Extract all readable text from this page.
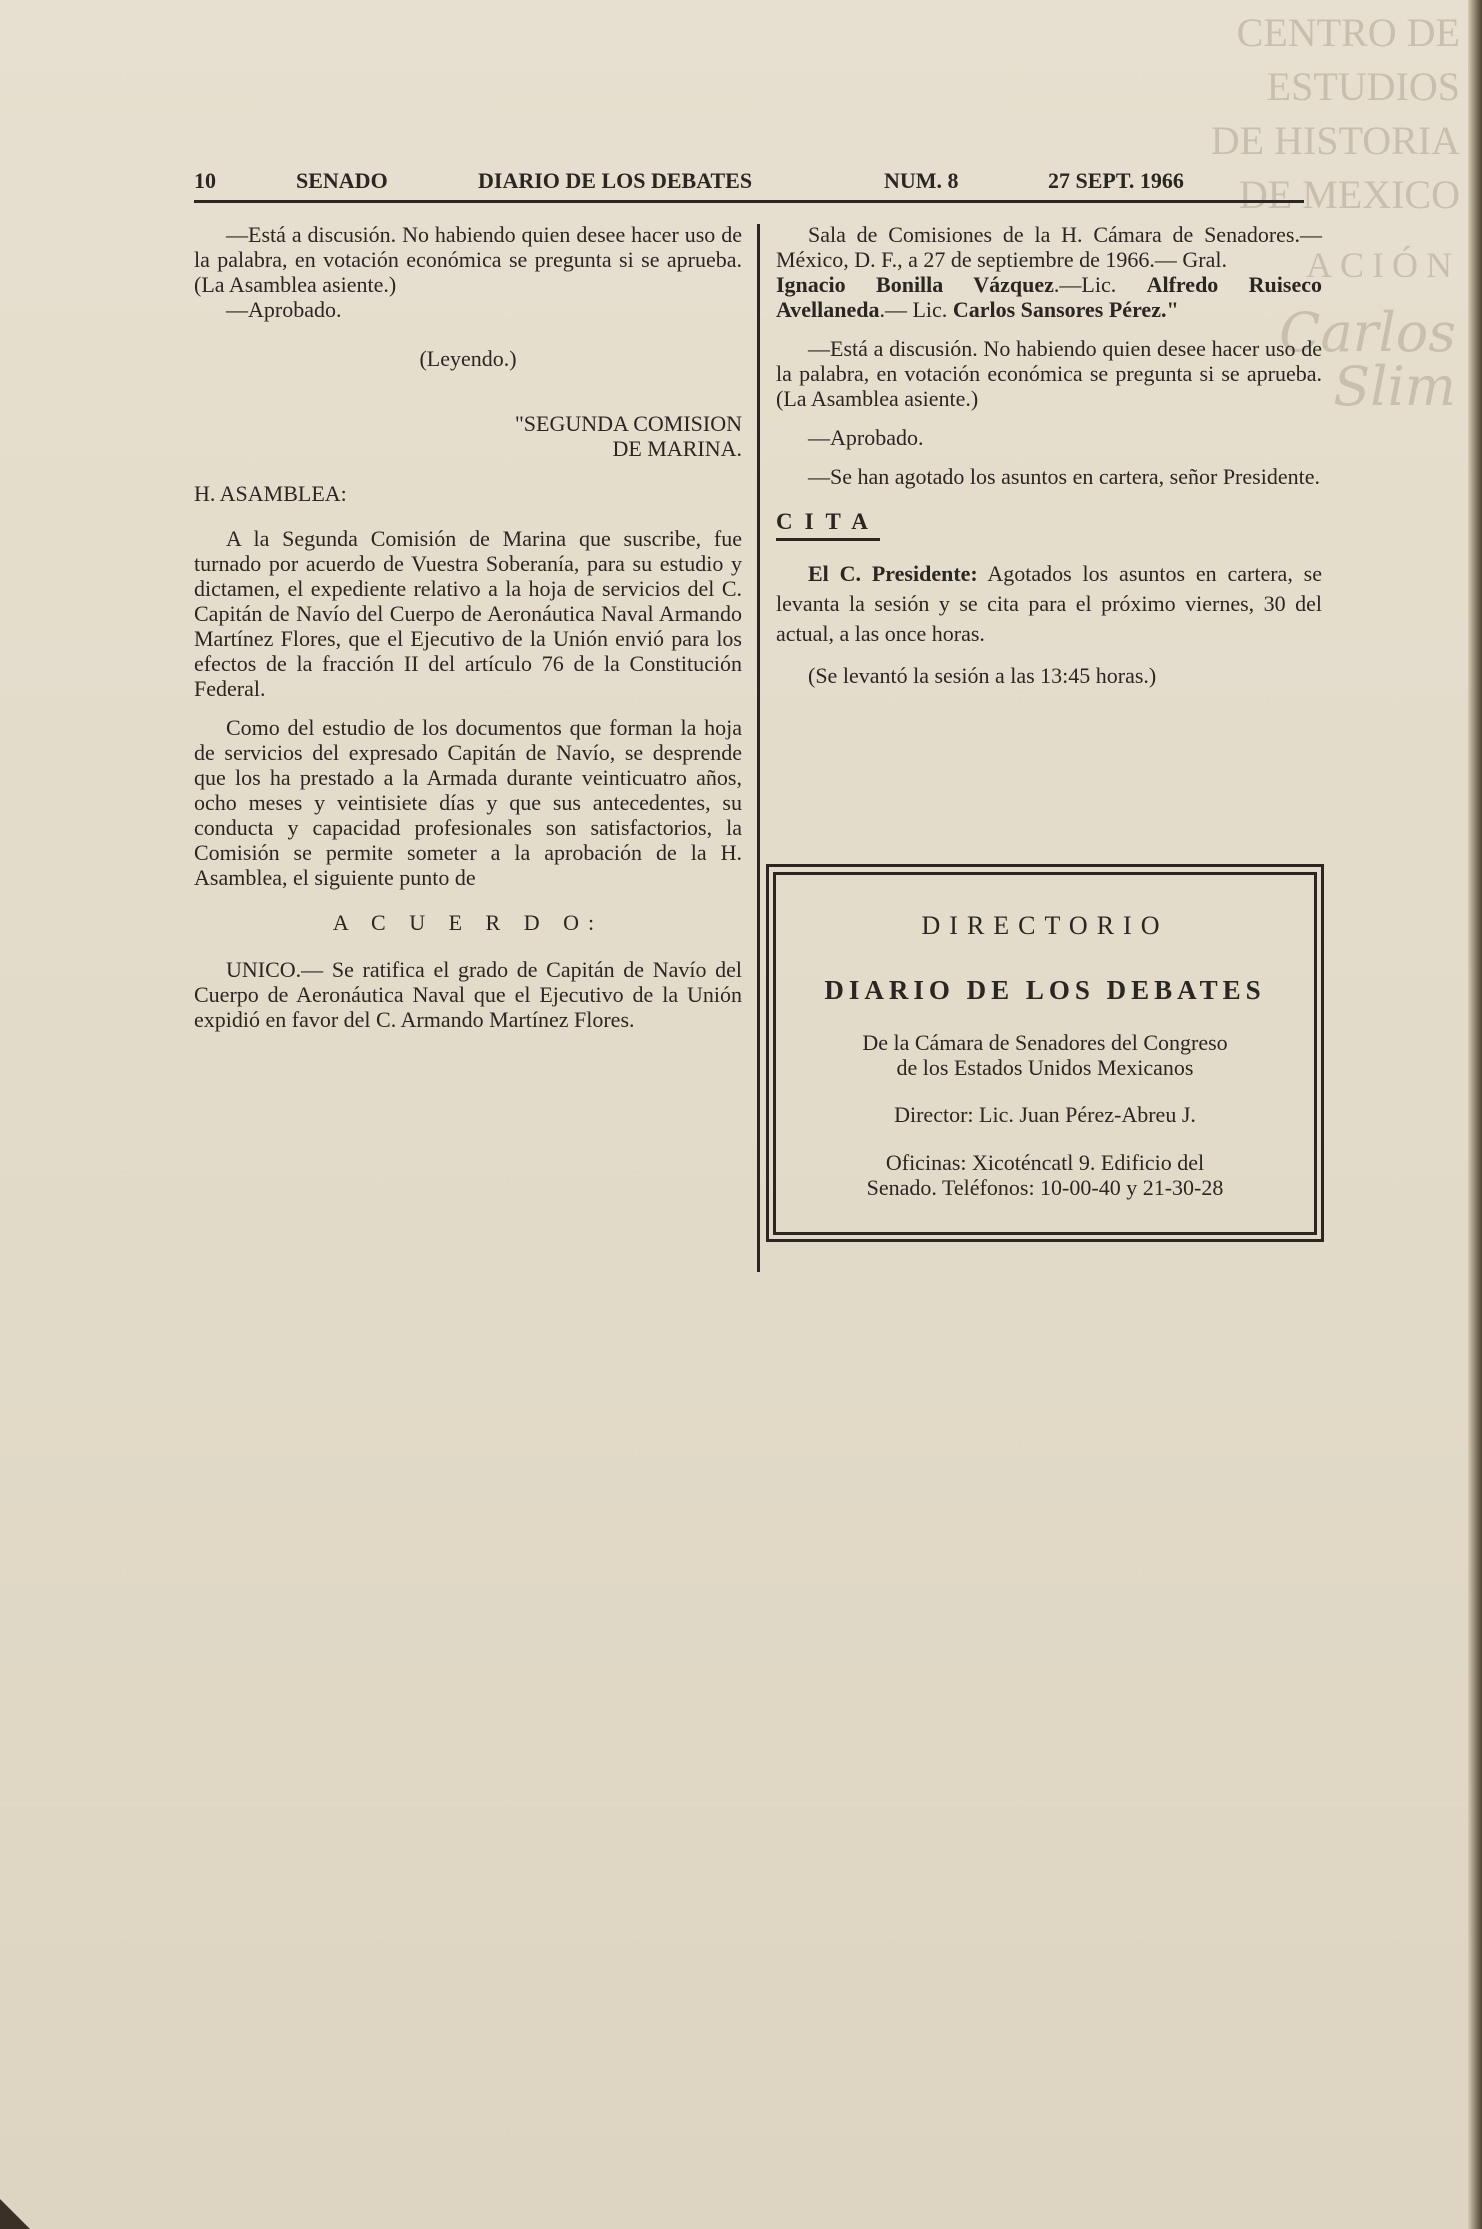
CENTRO DE
ESTUDIOS
DE HISTORIA
DE MEXICO
ACIÓN
Carlos Slim
10	SENADO	DIARIO DE LOS DEBATES	NUM. 8	27 SEPT. 1966

—Está a discusión. No habiendo quien desee hacer uso de la palabra, en votación económica se pregunta si se aprueba. (La Asamblea asiente.)

—Aprobado.

(Leyendo.)

"SEGUNDA COMISION
DE MARINA.

H. ASAMBLEA:

A la Segunda Comisión de Marina que suscribe, fue turnado por acuerdo de Vuestra Soberanía, para su estudio y dictamen, el expediente relativo a la hoja de servicios del C. Capitán de Navío del Cuerpo de Aeronáutica Naval Armando Martínez Flores, que el Ejecutivo de la Unión envió para los efectos de la fracción II del artículo 76 de la Constitución Federal.

Como del estudio de los documentos que forman la hoja de servicios del expresado Capitán de Navío, se desprende que los ha prestado a la Armada durante veinticuatro años, ocho meses y veintisiete días y que sus antecedentes, su conducta y capacidad profesionales son satisfactorios, la Comisión se permite someter a la aprobación de la H. Asamblea, el siguiente punto de

A C U E R D O:

UNICO.— Se ratifica el grado de Capitán de Navío del Cuerpo de Aeronáutica Naval que el Ejecutivo de la Unión expidió en favor del C. Armando Martínez Flores.

Sala de Comisiones de la H. Cámara de Senadores.— México, D. F., a 27 de septiembre de 1966.— Gral. Ignacio Bonilla Vázquez.—Lic. Alfredo Ruiseco Avellaneda.— Lic. Carlos Sansores Pérez."

—Está a discusión. No habiendo quien desee hacer uso de la palabra, en votación económica se pregunta si se aprueba. (La Asamblea asiente.)

—Aprobado.

—Se han agotado los asuntos en cartera, señor Presidente.

CITA

El C. Presidente: Agotados los asuntos en cartera, se levanta la sesión y se cita para el próximo viernes, 30 del actual, a las once horas.

(Se levantó la sesión a las 13:45 horas.)

DIRECTORIO
DIARIO DE LOS DEBATES
De la Cámara de Senadores del Congreso
de los Estados Unidos Mexicanos
Director: Lic. Juan Pérez-Abreu J.
Oficinas: Xicoténcatl 9. Edificio del
Senado. Teléfonos: 10-00-40 y 21-30-28
